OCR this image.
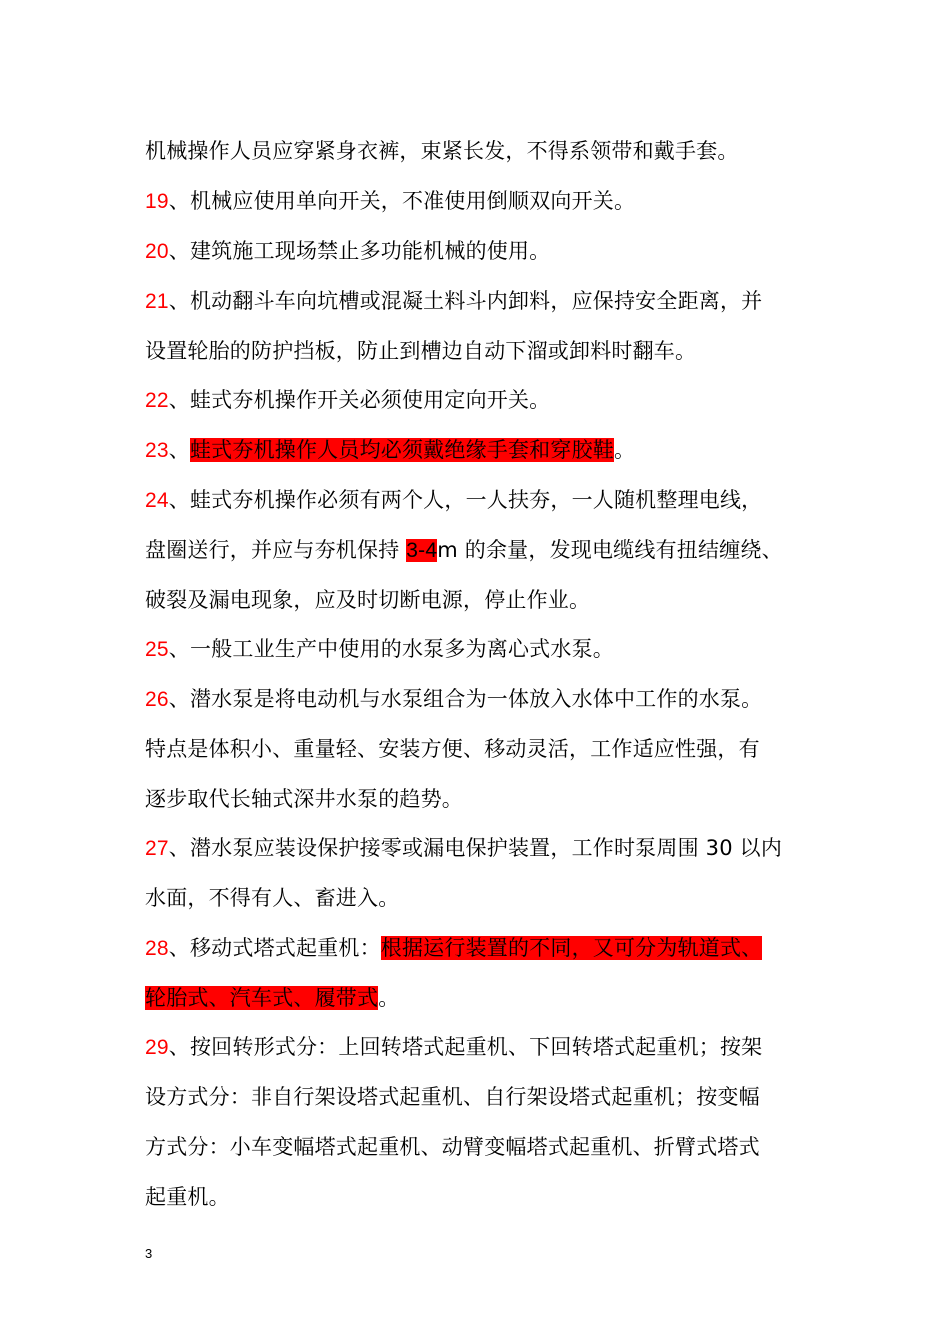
机械操作人员应穿紧身衣裤，束紧长发，不得系领带和戴手套。
19、机械应使用单向开关，不准使用倒顺双向开关。
20、建筑施工现场禁止多功能机械的使用。
21、机动翻斗车向坑槽或混凝土料斗内卸料，应保持安全距离，并
设置轮胎的防护挡板，防止到槽边自动下溜或卸料时翻车。
22、蛙式夯机操作开关必须使用定向开关。
23、蛙式夯机操作人员均必须戴绝缘手套和穿胶鞋。
24、蛙式夯机操作必须有两个人，一人扶夯，一人随机整理电线，
盘圈送行，并应与夯机保持 3-4m 的余量，发现电缆线有扭结缠绕、
破裂及漏电现象，应及时切断电源，停止作业。
25、一般工业生产中使用的水泵多为离心式水泵。
26、潜水泵是将电动机与水泵组合为一体放入水体中工作的水泵。
特点是体积小、重量轻、安装方便、移动灵活，工作适应性强，有
逐步取代长轴式深井水泵的趋势。
27、潜水泵应装设保护接零或漏电保护装置，工作时泵周围 30 以内
水面，不得有人、畜进入。
28、移动式塔式起重机：根据运行装置的不同，又可分为轨道式、
轮胎式、汽车式、履带式。
29、按回转形式分：上回转塔式起重机、下回转塔式起重机；按架
设方式分：非自行架设塔式起重机、自行架设塔式起重机；按变幅
方式分：小车变幅塔式起重机、动臂变幅塔式起重机、折臂式塔式
起重机。
3
